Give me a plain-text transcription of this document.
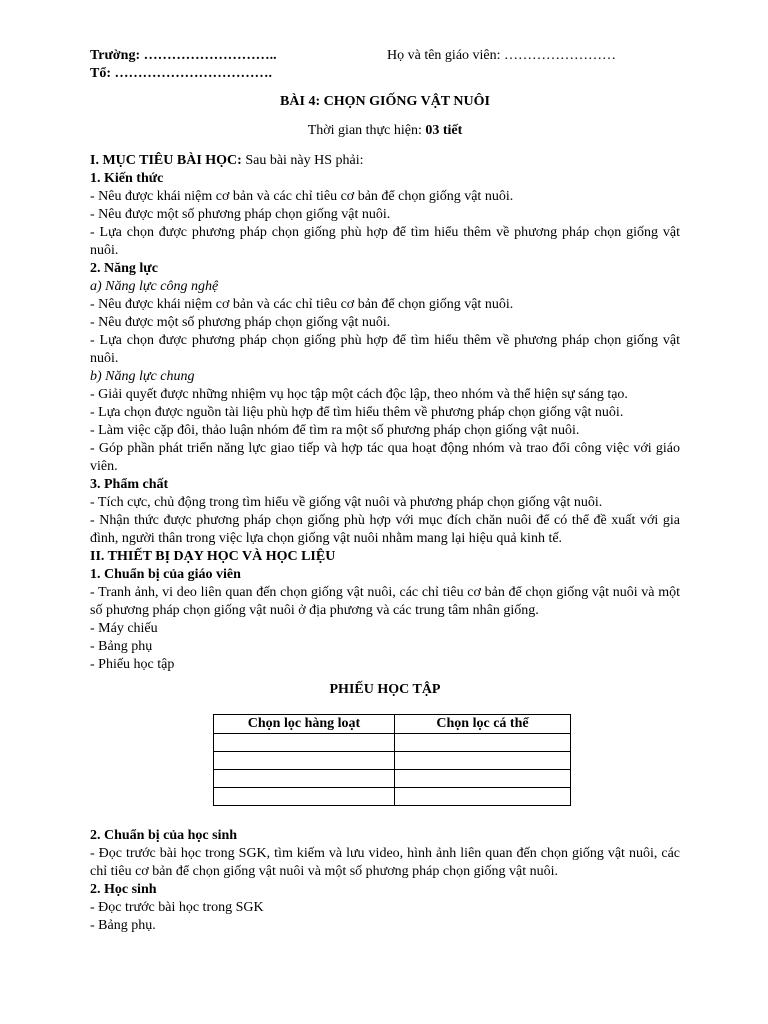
Trường: ………………………..	Họ và tên giáo viên: ……………………
Tổ: …………………………….
BÀI 4: CHỌN GIỐNG VẬT NUÔI
Thời gian thực hiện: 03 tiết

I. MỤC TIÊU BÀI HỌC: Sau bài này HS phải:

1. Kiến thức

- Nêu được khái niệm cơ bản và các chỉ tiêu cơ bản để chọn giống vật nuôi.

- Nêu được một số phương pháp chọn giống vật nuôi.

- Lựa chọn được phương pháp chọn giống phù hợp để tìm hiểu thêm về phương pháp chọn giống vật nuôi.

2. Năng lực

a) Năng lực công nghệ

- Nêu được khái niệm cơ bản và các chỉ tiêu cơ bản để chọn giống vật nuôi.

- Nêu được một số phương pháp chọn giống vật nuôi.

- Lựa chọn được phương pháp chọn giống phù hợp để tìm hiểu thêm về phương pháp chọn giống vật nuôi.

b) Năng lực chung

- Giải quyết được những nhiệm vụ học tập một cách độc lập, theo nhóm và thể hiện sự sáng tạo.

- Lựa chọn được nguồn tài liệu phù hợp để tìm hiểu thêm về phương pháp chọn giống vật nuôi.

- Làm việc cặp đôi, thảo luận nhóm để tìm ra một số phương pháp chọn giống vật nuôi.

- Góp phần phát triển năng lực giao tiếp và hợp tác qua hoạt động nhóm và trao đổi công việc với giáo viên.

3. Phẩm chất

- Tích cực, chủ động trong tìm hiểu về giống vật nuôi và phương pháp chọn giống vật nuôi.

- Nhận thức được phương pháp chọn giống phù hợp với mục đích chăn nuôi để có thể đề xuất với gia đình, người thân trong việc lựa chọn giống vật nuôi nhằm mang lại hiệu quả kinh tế.

II. THIẾT BỊ DẠY HỌC VÀ HỌC LIỆU

1. Chuẩn bị của giáo viên

- Tranh ảnh, vi deo liên quan đến chọn giống vật nuôi, các chỉ tiêu cơ bản để chọn giống vật nuôi và một số phương pháp chọn giống vật nuôi ở địa phương và các trung tâm nhân giống.

- Máy chiếu

- Bảng phụ

- Phiếu học tập

PHIẾU HỌC TẬP
Chọn lọc hàng loạt	Chọn lọc cá thể

2. Chuẩn bị của học sinh

- Đọc trước bài học trong SGK, tìm kiếm và lưu video, hình ảnh liên quan đến chọn giống vật nuôi, các chỉ tiêu cơ bản để chọn giống vật nuôi và một số phương pháp chọn giống vật nuôi.

2. Học sinh

- Đọc trước bài học trong SGK

- Bảng phụ.
